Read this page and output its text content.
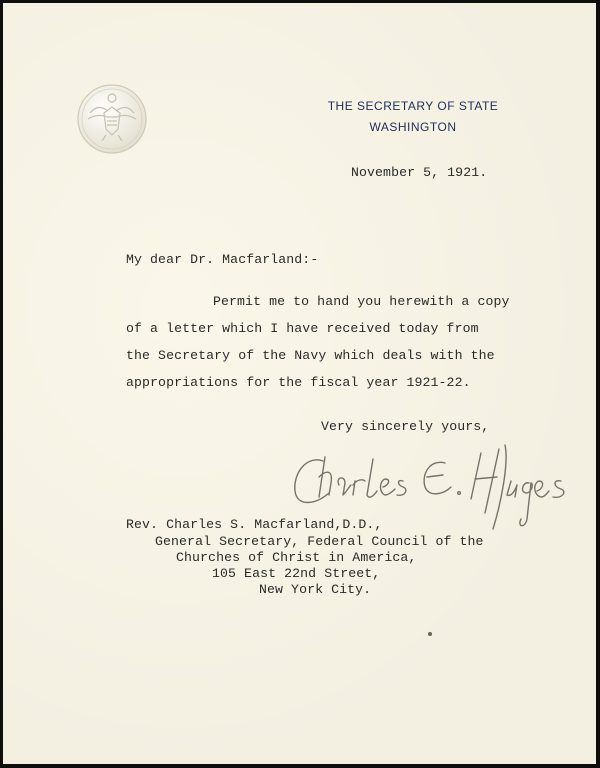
THE SECRETARY OF STATE
WASHINGTON
November 5, 1921.
My dear Dr. Macfarland:-
Permit me to hand you herewith a copy
of a letter which I have received today from
the Secretary of the Navy which deals with the
appropriations for the fiscal year 1921-22.
Very sincerely yours,
Rev. Charles S. Macfarland,D.D.,
General Secretary, Federal Council of the
Churches of Christ in America,
105 East 22nd Street,
New York City.
